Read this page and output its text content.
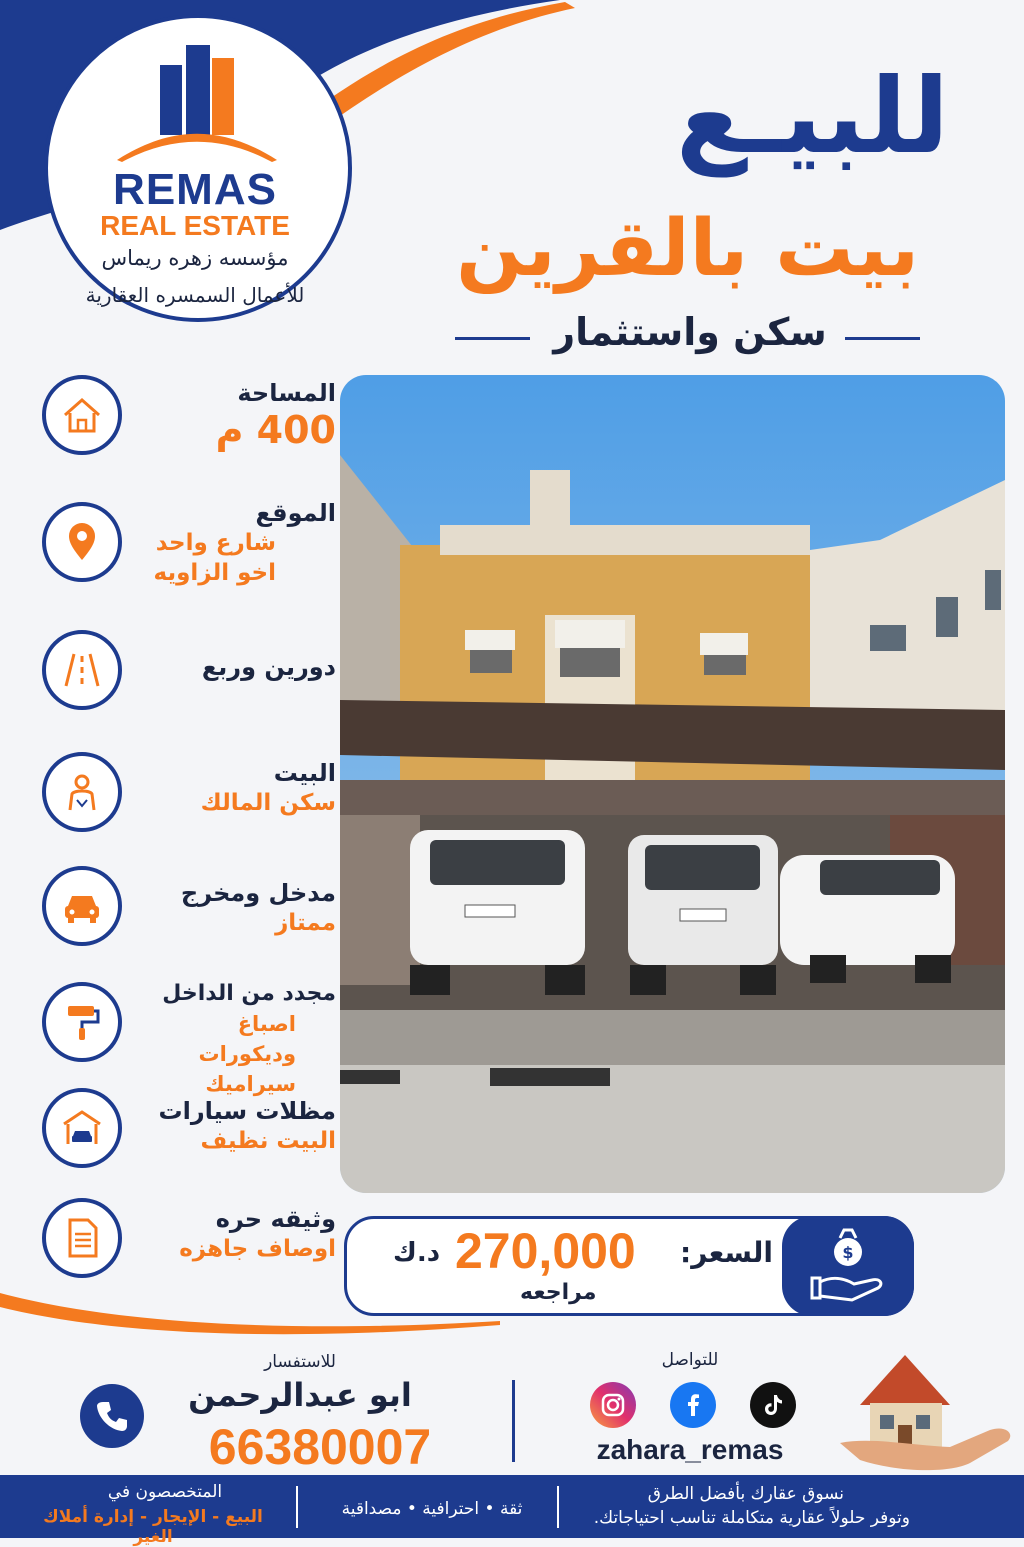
REMAS
REAL ESTATE
مؤسسه زهره ريماس
للأعمال السمسره العقارية
للبيـع
بيت بالقرين
سكن واستثمار
المساحة
400 م
الموقع
شارع واحد اخو الزاويه
دورين وربع
البيت
سكن المالك
مدخل ومخرج
ممتاز
مجدد من الداخل
اصباغ وديكورات سيراميك
مظلات سيارات
البيت نظيف
وثيقه حره
اوصاف جاهزه	$
السعر:
270,000
د.ك
مراجعه
للاستفسار
ابو عبدالرحمن
66380007
للتواصل
zahara_remas
نسوق عقارك بأفضل الطرق
وتوفر حلولاً عقارية متكاملة تناسب احتياجاتك.
ثقة • احترافية • مصداقية
المتخصصون في
البيع - الإيجار - إدارة أملاك الغير
